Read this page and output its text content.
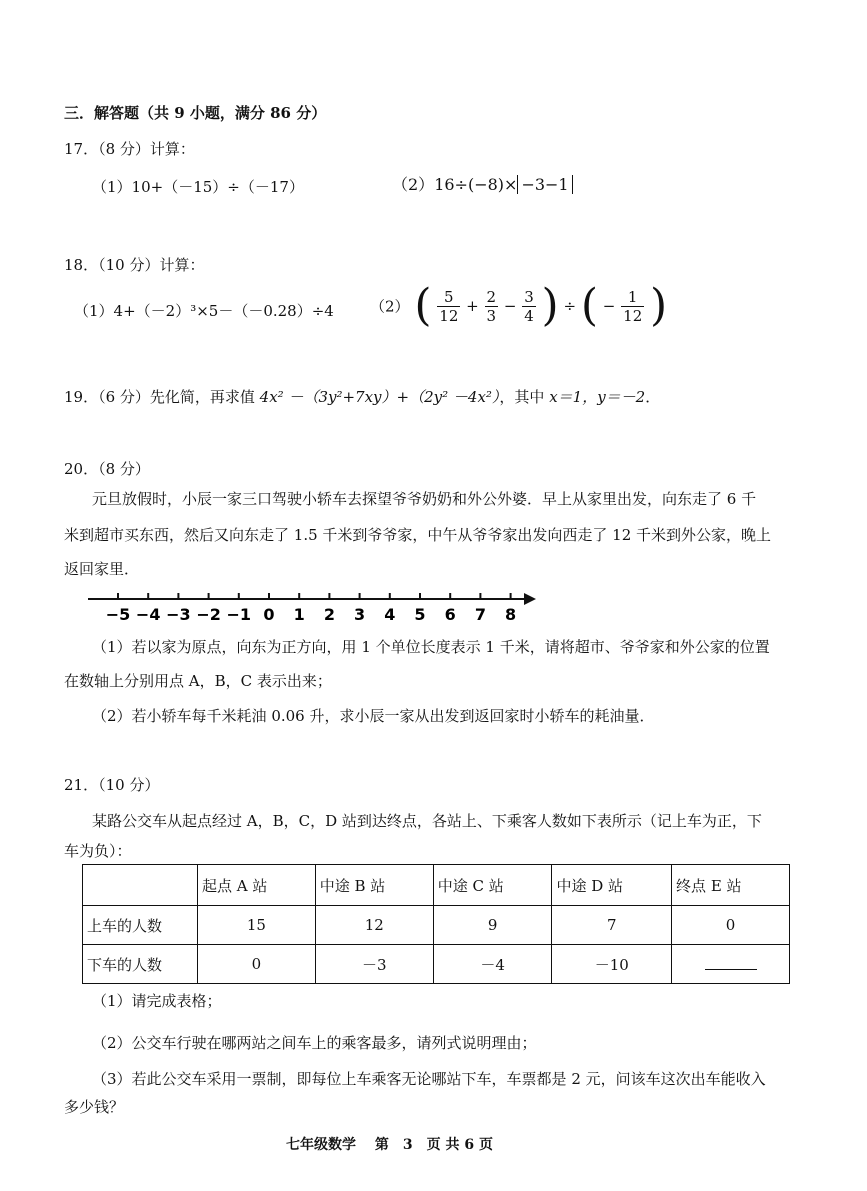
三．解答题（共 9 小题，满分 86 分）
17．（8 分）计算：
（1）10+（－15）÷（－17）	（2）16÷(−8)× −3−1
18．（10 分）计算：
（1）4+（－2）³×5－（－0.28）÷4 （2） ( $\frac{5}{12} + \frac{2}{3} - \frac{3}{4}$ ) ÷ ( − $\frac{1}{12}$ )
19．（6 分）先化简，再求值 4x² －（3y²+7xy）+（2y² －4x²），其中 x＝1，y＝－2．
20．（8 分）
元旦放假时，小辰一家三口驾驶小轿车去探望爷爷奶奶和外公外婆．早上从家里出发，向东走了 6 千
米到超市买东西，然后又向东走了 1.5 千米到爷爷家，中午从爷爷家出发向西走了 12 千米到外公家，晚上
返回家里．
−5 −4 −3 −2 −1 0 1 2 3 4 5 6 7 8
（1）若以家为原点，向东为正方向，用 1 个单位长度表示 1 千米，请将超市、爷爷家和外公家的位置
在数轴上分别用点 A，B，C 表示出来；
（2）若小轿车每千米耗油 0.06 升，求小辰一家从出发到返回家时小轿车的耗油量．
21．（10 分）
某路公交车从起点经过 A，B，C，D 站到达终点，各站上、下乘客人数如下表所示（记上车为正，下
车为负）：
	起点 A 站	中途 B 站	中途 C 站	中途 D 站	终点 E 站
上车的人数	15	12	9	7	0
下车的人数	0	－3	－4	－10	
（1）请完成表格；
（2）公交车行驶在哪两站之间车上的乘客最多，请列式说明理由；
（3）若此公交车采用一票制，即每位上车乘客无论哪站下车，车票都是 2 元，问该车这次出车能收入
多少钱？
七年级数学　 第　3　页 共 6 页
